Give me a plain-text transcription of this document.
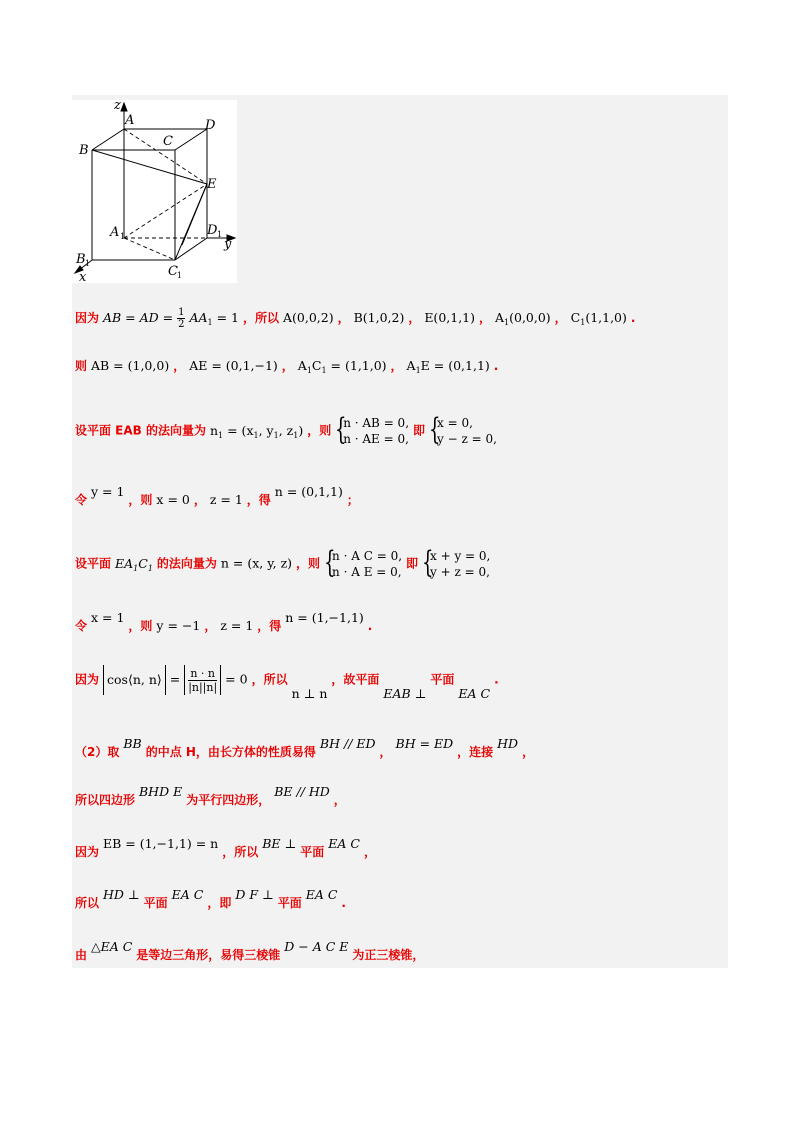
z
A
C
D
B
E
A 1	D 1
B 1
C 1
y
x
因为 AB = AD = $\frac{1}{2} AA_1 = 1$ ，所以 A(0,0,2) ， B(1,0,2) ， E(0,1,1) ， $A_1(0,0,0)$ ， $C_1(1,1,0)$ .
则 AB = (1,0,0) ， AE = (0,1,−1) ， $A_1C_1 = (1,1,0)$ ， $A_1E = (0,1,1)$ .
设平面 EAB 的法向量为 $n_1 = (x_1$, $y_1$, $z_1$) ，则 {
n · AB = 0,
n · AE = 0,
即 {
x = 0,
y − z = 0,
令 y = 1 ，则 x = 0 ， z = 1 ，得 n = (0,1,1) ；
设平面 $EA_1C_1$ 的法向量为 n = (x, y, z) ，则 {
n · A C = 0,
n · A E = 0,
即 {
x + y = 0,
y + z = 0,
令 x = 1 ，则 y = −1 ， z = 1 ，得 n = (1,−1,1) .
因为 cos⟨n, n⟩ = $\frac{n \cdot n}{|n||n|} = 0$ ，所以 n ⊥ n ，故平面 EAB ⊥ 平面 EA C .
（2）取 BB 的中点 H，由长方体的性质易得 BH // ED ， BH = ED ，连接 HD ，
所以四边形 BHD E 为平行四边形， BE // HD ，
因为 EB = (1,−1,1) = n ，所以 BE ⊥ 平面 EA C ，
所以 HD ⊥ 平面 EA C ，即 D F ⊥ 平面 EA C .
由 △EA C 是等边三角形，易得三棱锥 D − A C E 为正三棱锥，
